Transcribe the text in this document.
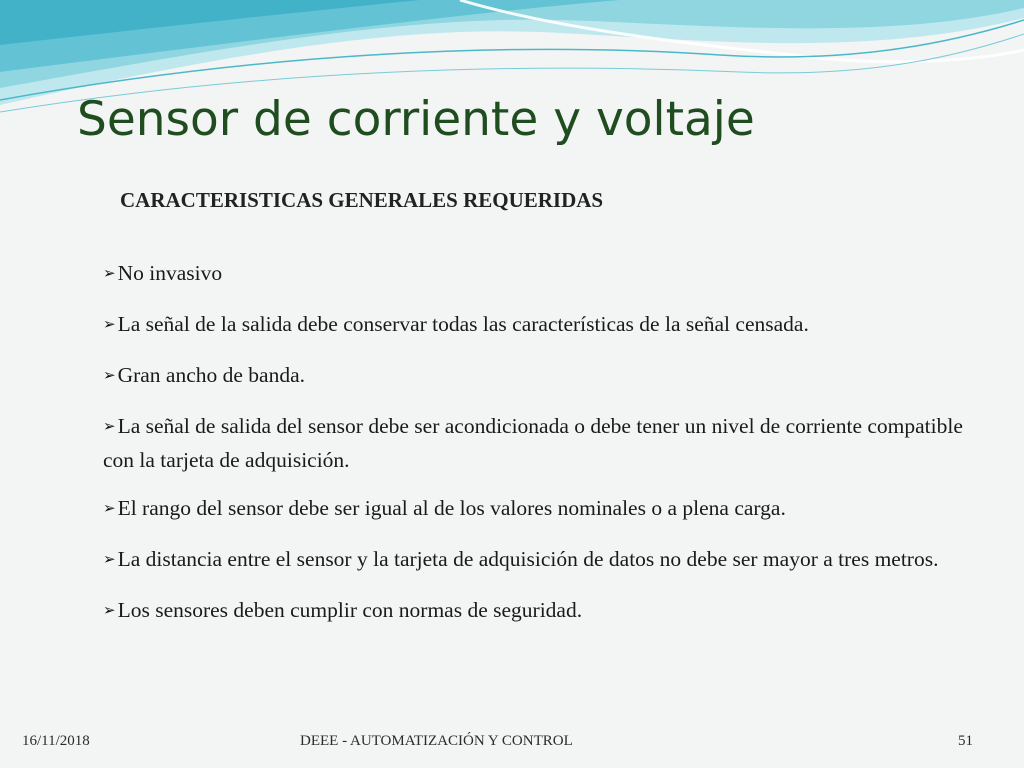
Sensor de corriente y voltaje
CARACTERISTICAS GENERALES REQUERIDAS
➢No invasivo
➢La señal de la salida debe conservar todas las características de la señal censada.
➢Gran ancho de banda.
➢La señal de salida del sensor debe ser acondicionada o debe tener un nivel de corriente compatible con la tarjeta de adquisición.
➢El rango del sensor debe ser igual al de los valores nominales o a plena carga.
➢La distancia entre el sensor y la tarjeta de adquisición de datos no debe ser mayor a tres metros.
➢Los sensores deben cumplir con normas de seguridad.
16/11/2018	DEEE - AUTOMATIZACIÓN Y CONTROL	51
